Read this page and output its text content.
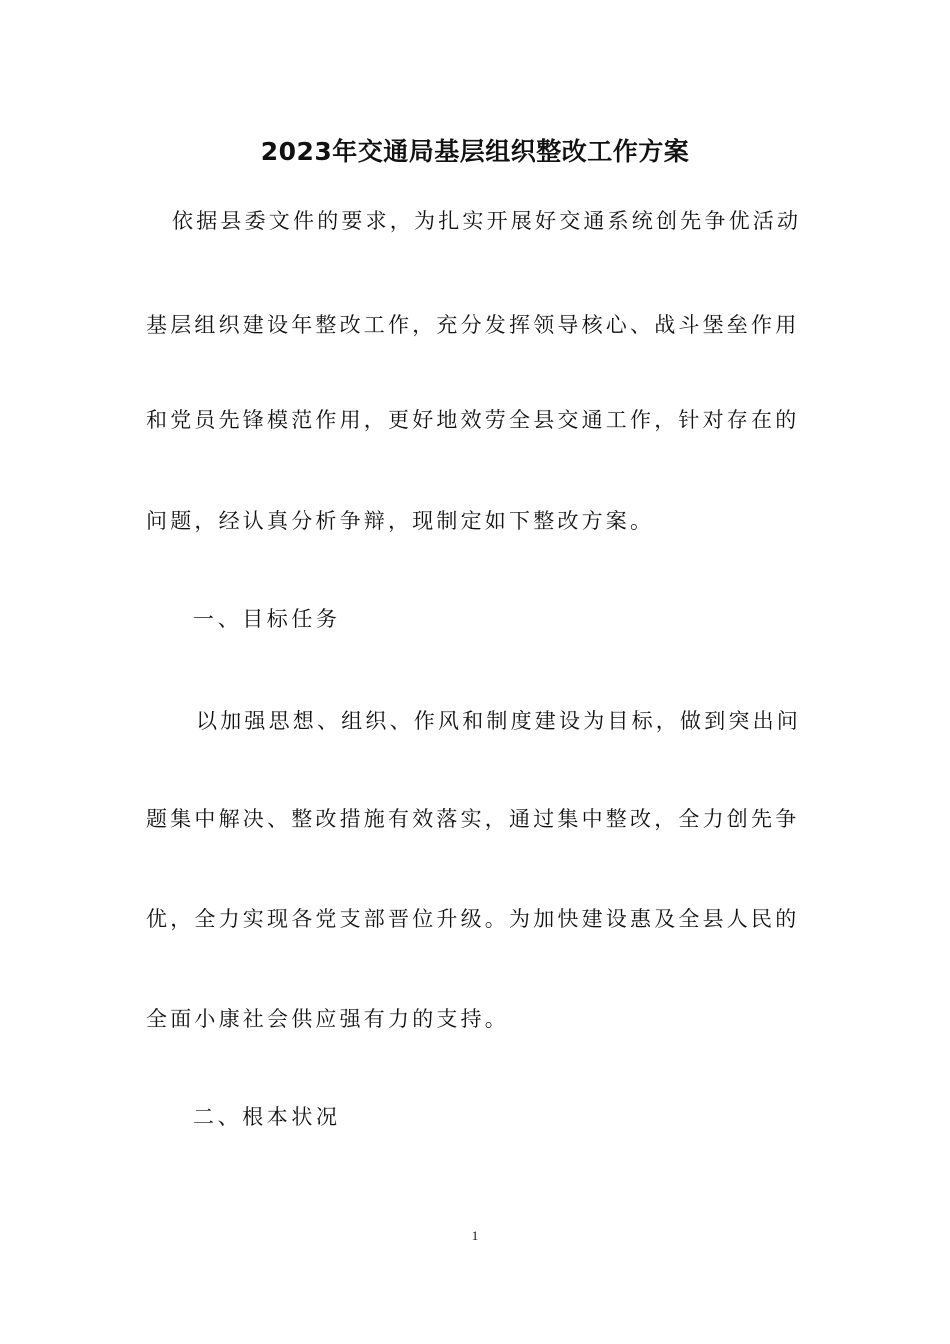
2023年交通局基层组织整改工作方案
依据县委文件的要求，为扎实开展好交通系统创先争优活动
基层组织建设年整改工作，充分发挥领导核心、战斗堡垒作用
和党员先锋模范作用，更好地效劳全县交通工作，针对存在的
问题，经认真分析争辩，现制定如下整改方案。
一、目标任务
以加强思想、组织、作风和制度建设为目标，做到突出问
题集中解决、整改措施有效落实，通过集中整改，全力创先争
优，全力实现各党支部晋位升级。为加快建设惠及全县人民的
全面小康社会供应强有力的支持。
二、根本状况
1
